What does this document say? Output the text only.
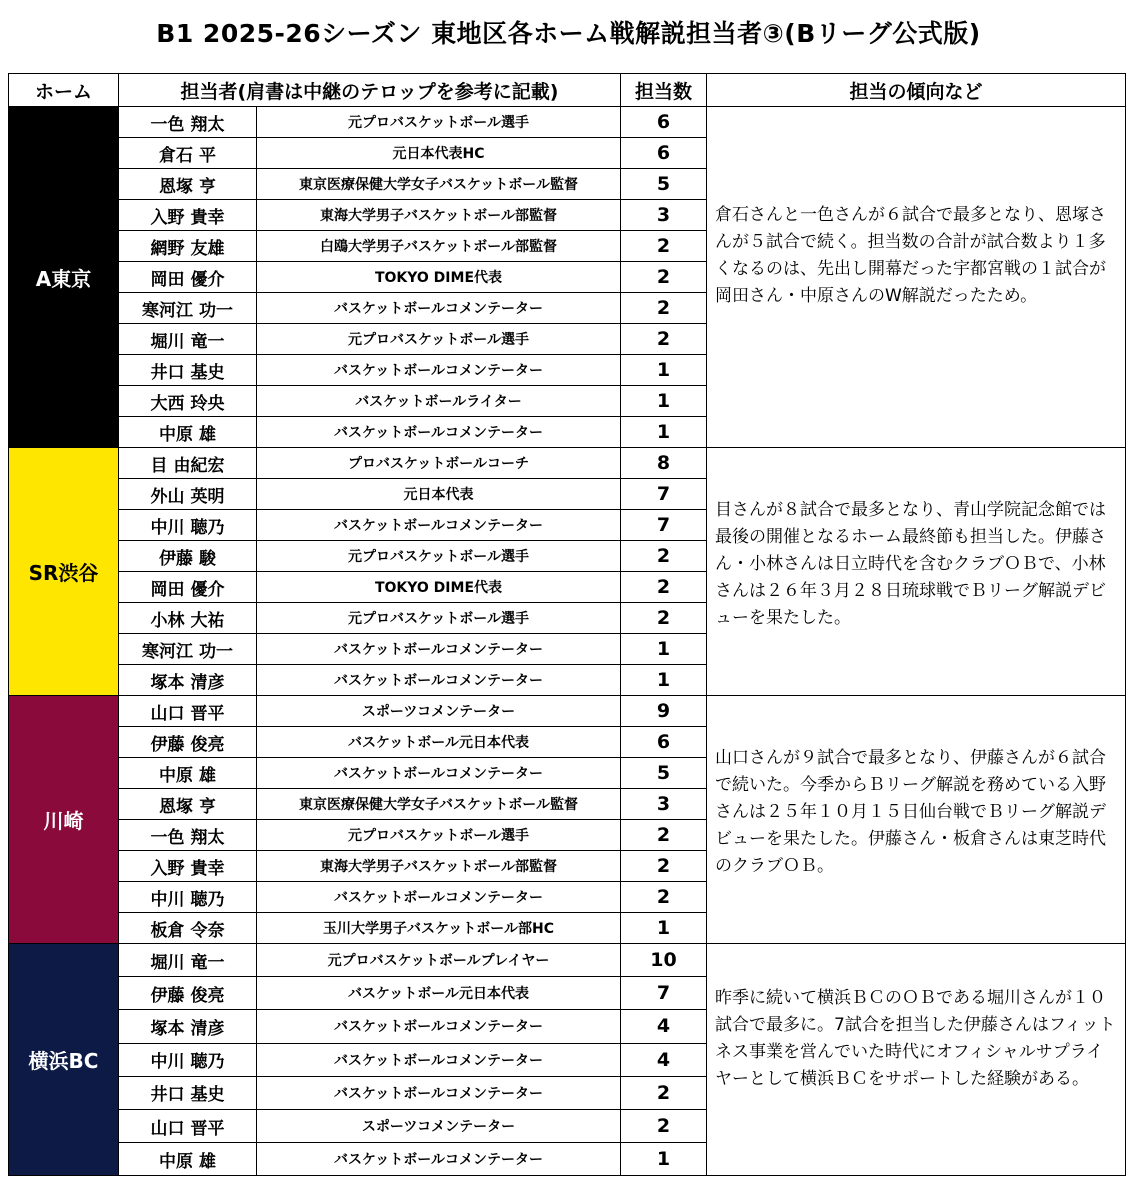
B1 2025-26シーズン 東地区各ホーム戦解説担当者③(Bリーグ公式版)
ホーム	担当者(肩書は中継のテロップを参考に記載)		担当数	担当の傾向など
A東京	一色 翔太	元プロバスケットボール選手	6	倉石さんと一色さんが６試合で最多となり、恩塚さんが５試合で続く。担当数の合計が試合数より１多くなるのは、先出し開幕だった宇都宮戦の１試合が岡田さん・中原さんのW解説だったため。

	倉石 平	元日本代表HC	6	
	恩塚 亨	東京医療保健大学女子バスケットボール監督	5	
	入野 貴幸	東海大学男子バスケットボール部監督	3	
	網野 友雄	白鴎大学男子バスケットボール部監督	2	
	岡田 優介	TOKYO DIME代表	2	
	寒河江 功一	バスケットボールコメンテーター	2	
	堀川 竜一	元プロバスケットボール選手	2	
	井口 基史	バスケットボールコメンテーター	1	
	大西 玲央	バスケットボールライター	1	
	中原 雄	バスケットボールコメンテーター	1	
SR渋谷	目 由紀宏	プロバスケットボールコーチ	8	目さんが８試合で最多となり、青山学院記念館では最後の開催となるホーム最終節も担当した。伊藤さん・小林さんは日立時代を含むクラブＯＢで、小林さんは２６年３月２８日琉球戦でＢリーグ解説デビューを果たした。

	外山 英明	元日本代表	7	
	中川 聴乃	バスケットボールコメンテーター	7	
	伊藤 駿	元プロバスケットボール選手	2	
	岡田 優介	TOKYO DIME代表	2	
	小林 大祐	元プロバスケットボール選手	2	
	寒河江 功一	バスケットボールコメンテーター	1	
	塚本 清彦	バスケットボールコメンテーター	1	
川崎	山口 晋平	スポーツコメンテーター	9	山口さんが９試合で最多となり、伊藤さんが６試合で続いた。今季からＢリーグ解説を務めている入野さんは２５年１０月１５日仙台戦でＢリーグ解説デビューを果たした。伊藤さん・板倉さんは東芝時代のクラブＯＢ。

	伊藤 俊亮	バスケットボール元日本代表	6	
	中原 雄	バスケットボールコメンテーター	5	
	恩塚 亨	東京医療保健大学女子バスケットボール監督	3	
	一色 翔太	元プロバスケットボール選手	2	
	入野 貴幸	東海大学男子バスケットボール部監督	2	
	中川 聴乃	バスケットボールコメンテーター	2	
	板倉 令奈	玉川大学男子バスケットボール部HC	1	
横浜BC	堀川 竜一	元プロバスケットボールプレイヤー	10	昨季に続いて横浜ＢＣのＯＢである堀川さんが１０試合で最多に。7試合を担当した伊藤さんはフィットネス事業を営んでいた時代にオフィシャルサプライヤーとして横浜ＢＣをサポートした経験がある。

	伊藤 俊亮	バスケットボール元日本代表	7	
	塚本 清彦	バスケットボールコメンテーター	4	
	中川 聴乃	バスケットボールコメンテーター	4	
	井口 基史	バスケットボールコメンテーター	2	
	山口 晋平	スポーツコメンテーター	2	
	中原 雄	バスケットボールコメンテーター	1	
